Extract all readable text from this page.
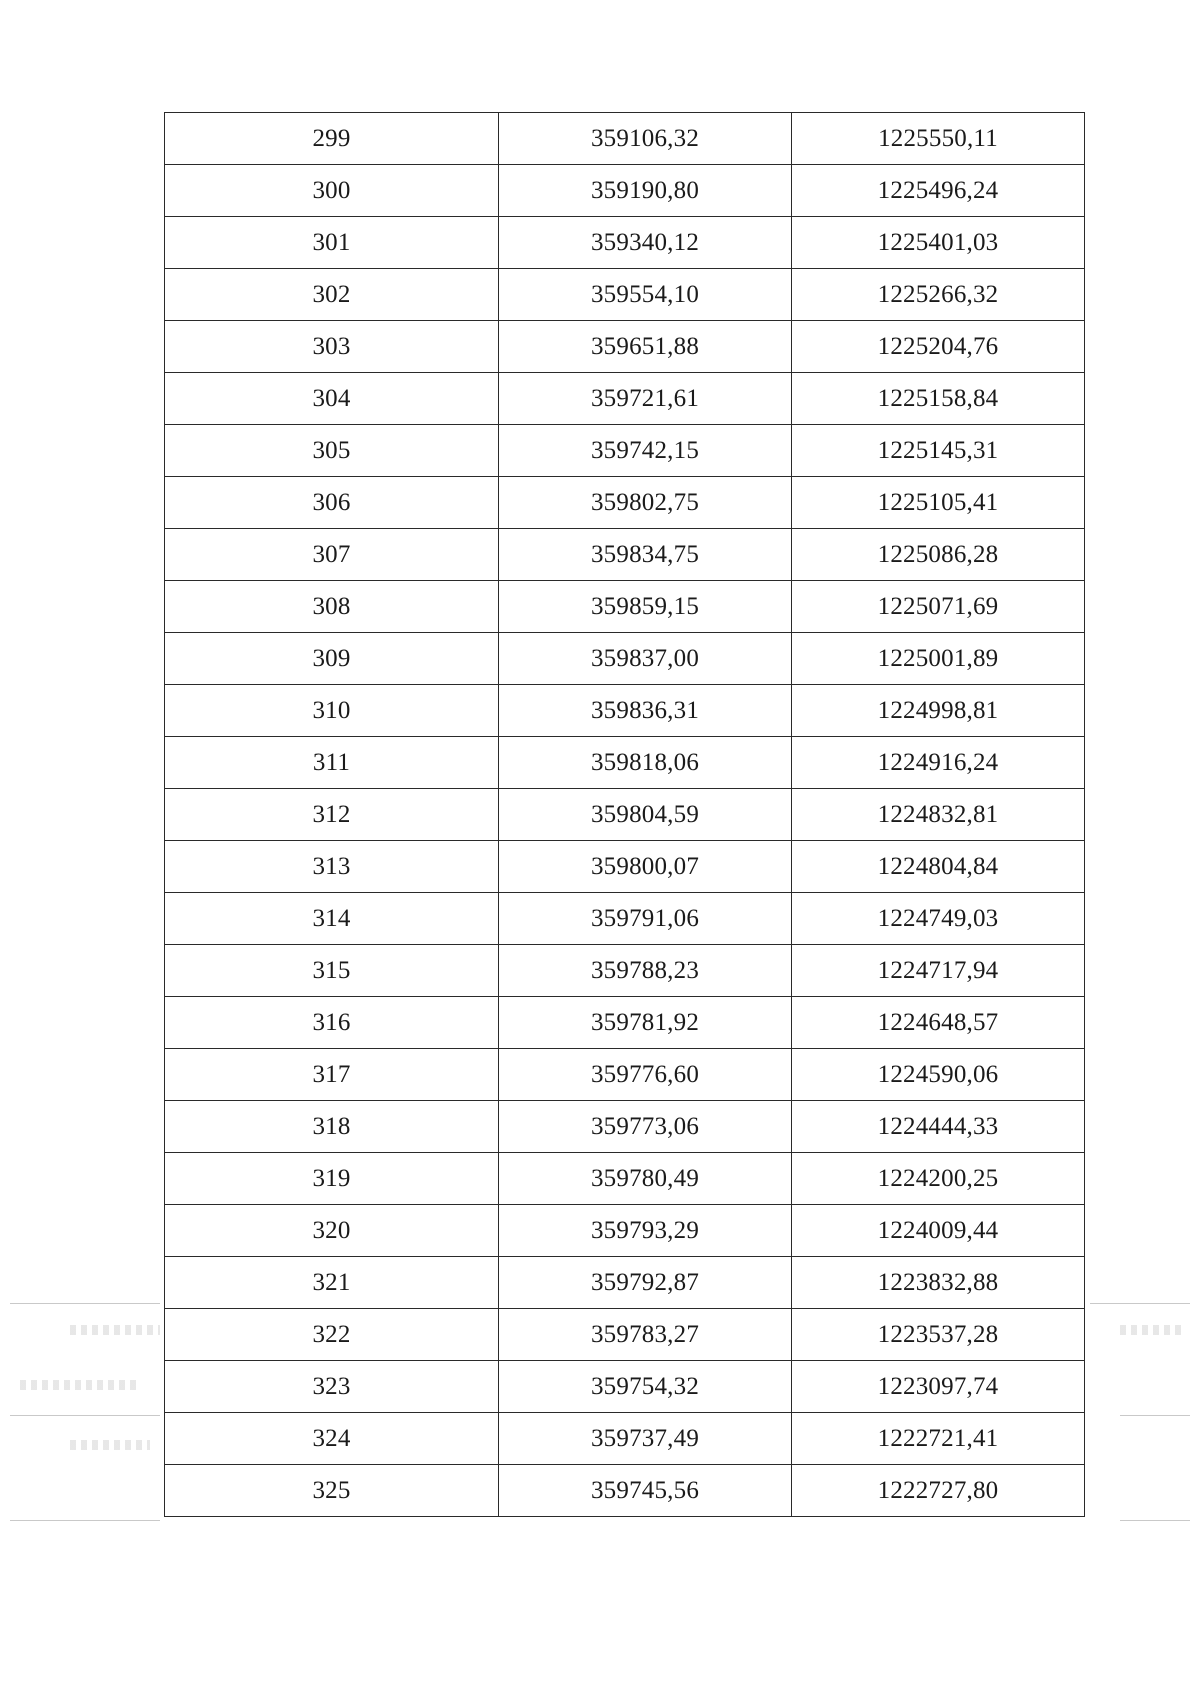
299	359106,32	1225550,11
300	359190,80	1225496,24
301	359340,12	1225401,03
302	359554,10	1225266,32
303	359651,88	1225204,76
304	359721,61	1225158,84
305	359742,15	1225145,31
306	359802,75	1225105,41
307	359834,75	1225086,28
308	359859,15	1225071,69
309	359837,00	1225001,89
310	359836,31	1224998,81
311	359818,06	1224916,24
312	359804,59	1224832,81
313	359800,07	1224804,84
314	359791,06	1224749,03
315	359788,23	1224717,94
316	359781,92	1224648,57
317	359776,60	1224590,06
318	359773,06	1224444,33
319	359780,49	1224200,25
320	359793,29	1224009,44
321	359792,87	1223832,88
322	359783,27	1223537,28
323	359754,32	1223097,74
324	359737,49	1222721,41
325	359745,56	1222727,80
